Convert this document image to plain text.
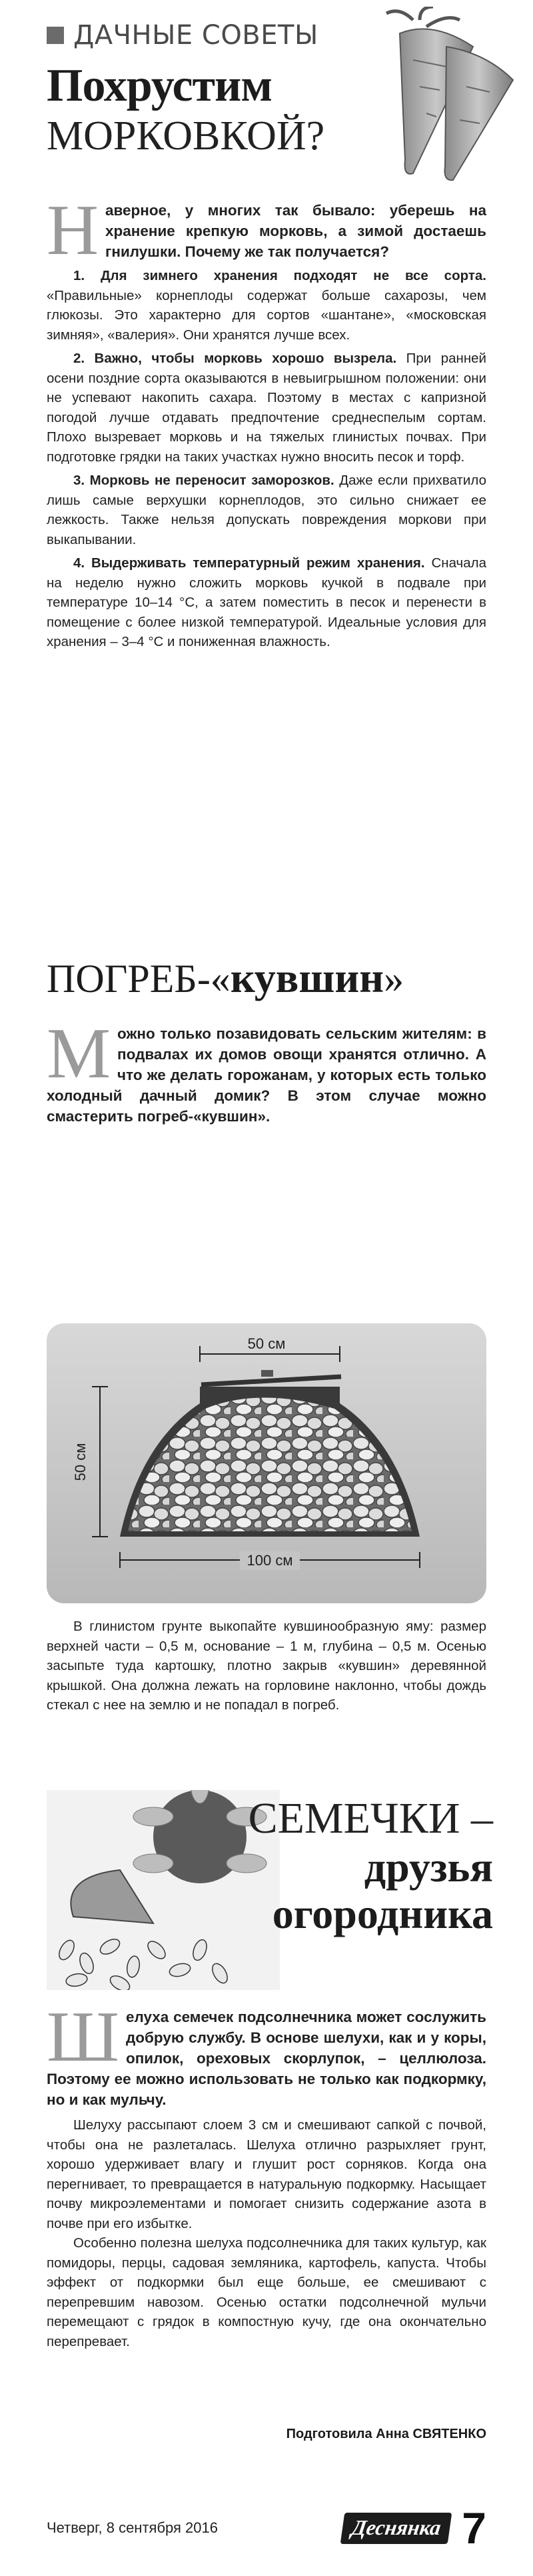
ДАЧНЫЕ СОВЕТЫ
Похрустим
МОРКОВКОЙ?
Наверное, у многих так бывало: уберешь на хранение крепкую морковь, а зимой достаешь гнилушки. Почему же так получается?

1. Для зимнего хранения подходят не все сорта. «Правильные» корнеплоды содержат больше сахарозы, чем глюкозы. Это характерно для сортов «шантане», «московская зимняя», «валерия». Они хранятся лучше всех.

2. Важно, чтобы морковь хорошо вызрела. При ранней осени поздние сорта оказываются в невыигрышном положении: они не успевают накопить сахара. Поэтому в местах с капризной погодой лучше отдавать предпочтение среднеспелым сортам. Плохо вызревает морковь и на тяжелых глинистых почвах. При подготовке грядки на таких участках нужно вносить песок и торф.

3. Морковь не переносит заморозков. Даже если прихватило лишь самые верхушки корнеплодов, это сильно снижает ее лежкость. Также нельзя допускать повреждения моркови при выкапывании.

4. Выдерживать температурный режим хранения. Сначала на неделю нужно сложить морковь кучкой в подвале при температуре 10–14 °С, а затем поместить в песок и перенести в помещение с более низкой температурой. Идеальные условия для хранения – 3–4 °С и пониженная влажность.

ПОГРЕБ-«кувшин»
Можно только позавидовать сельским жителям: в подвалах их домов овощи хранятся отлично. А что же делать горожанам, у которых есть только холодный дачный домик? В этом случае можно смастерить погреб-«кувшин».
50 см
50 см
100 см

В глинистом грунте выкопайте кувшинообразную яму: размер верхней части – 0,5 м, основание – 1 м, глубина – 0,5 м. Осенью засыпьте туда картошку, плотно закрыв «кувшин» деревянной крышкой. Она должна лежать на горловине наклонно, чтобы дождь стекал с нее на землю и не попадал в погреб.

СЕМЕЧКИ –
друзья
огородника
Шелуха семечек подсолнечника может сослужить добрую службу. В основе шелухи, как и у коры, опилок, ореховых скорлупок, – целлюлоза. Поэтому ее можно использовать не только как подкормку, но и как мульчу.

Шелуху рассыпают слоем 3 см и смешивают сапкой с почвой, чтобы она не разлеталась. Шелуха отлично разрыхляет грунт, хорошо удерживает влагу и глушит рост сорняков. Когда она перегнивает, то превращается в натуральную подкормку. Насыщает почву микроэлементами и помогает снизить содержание азота в почве при его избытке.

Особенно полезна шелуха подсолнечника для таких культур, как помидоры, перцы, садовая земляника, картофель, капуста. Чтобы эффект от подкормки был еще больше, ее смешивают с перепревшим навозом. Осенью остатки подсолнечной мульчи перемещают с грядок в компостную кучу, где она окончательно перепревает.

Подготовила Анна СВЯТЕНКО
Четверг, 8 сентября 2016	Деснянка 7
